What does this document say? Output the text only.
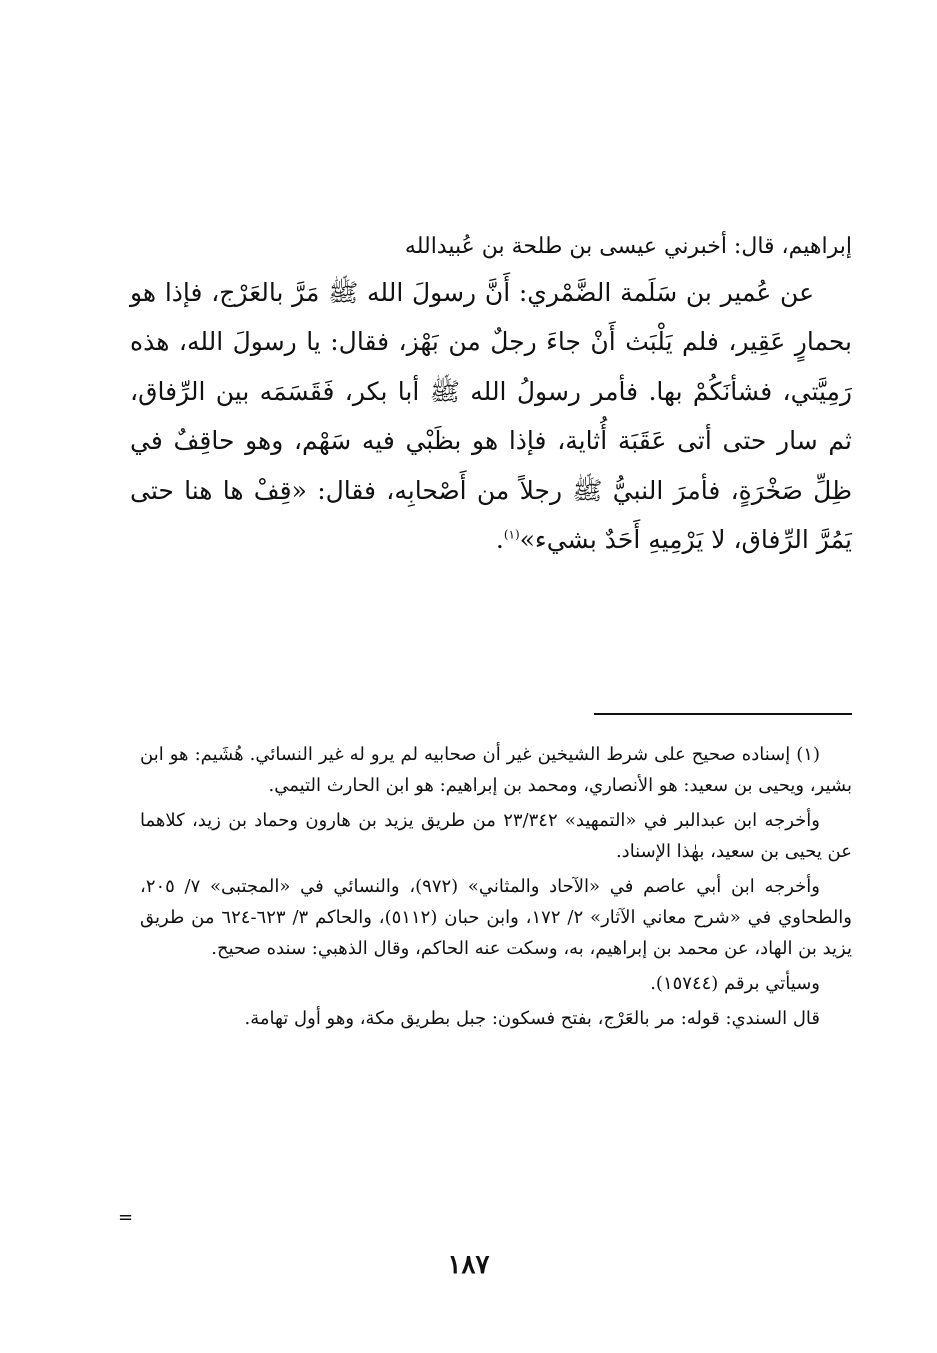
إبراهيم، قال: أخبرني عيسى بن طلحة بن عُبيدالله

عن عُمير بن سَلَمة الضَّمْري: أَنَّ رسولَ الله ﷺ مَرَّ بالعَرْج، فإذا هو بحمارٍ عَقِير، فلم يَلْبَث أَنْ جاءَ رجلٌ من بَهْز، فقال: يا رسولَ الله، هذه رَمِيَّتي، فشأنَكُمْ بها. فأمر رسولُ الله ﷺ أبا بكر، فَقَسَمَه بين الرِّفاق، ثم سار حتى أتى عَقَبَة أُثاية، فإذا هو بظَبْي فيه سَهْم، وهو حاقِفٌ في ظِلِّ صَخْرَةٍ، فأمرَ النبيُّ ﷺ رجلاً من أَصْحابِه، فقال: «قِفْ ها هنا حتى يَمُرَّ الرِّفاق، لا يَرْمِيهِ أَحَدٌ بشيء»$^{(١)}$.

(١) إسناده صحيح على شرط الشيخين غير أن صحابيه لم يرو له غير النسائي. هُشَيم: هو ابن بشير، ويحيى بن سعيد: هو الأنصاري، ومحمد بن إبراهيم: هو ابن الحارث التيمي.

وأخرجه ابن عبدالبر في «التمهيد» ٢٣/٣٤٢ من طريق يزيد بن هارون وحماد بن زيد، كلاهما عن يحيى بن سعيد، بهٰذا الإسناد.

وأخرجه ابن أبي عاصم في «الآحاد والمثاني» (٩٧٢)، والنسائي في «المجتبى» ٧/ ٢٠٥، والطحاوي في «شرح معاني الآثار» ٢/ ١٧٢، وابن حبان (٥١١٢)، والحاكم ٣/ ٦٢٣-٦٢٤ من طريق يزيد بن الهاد، عن محمد بن إبراهيم، به، وسكت عنه الحاكم، وقال الذهبي: سنده صحيح.

وسيأتي برقم (١٥٧٤٤).

قال السندي: قوله: مر بالعَرْج، بفتح فسكون: جبل بطريق مكة، وهو أول تهامة.

=
١٨٧
